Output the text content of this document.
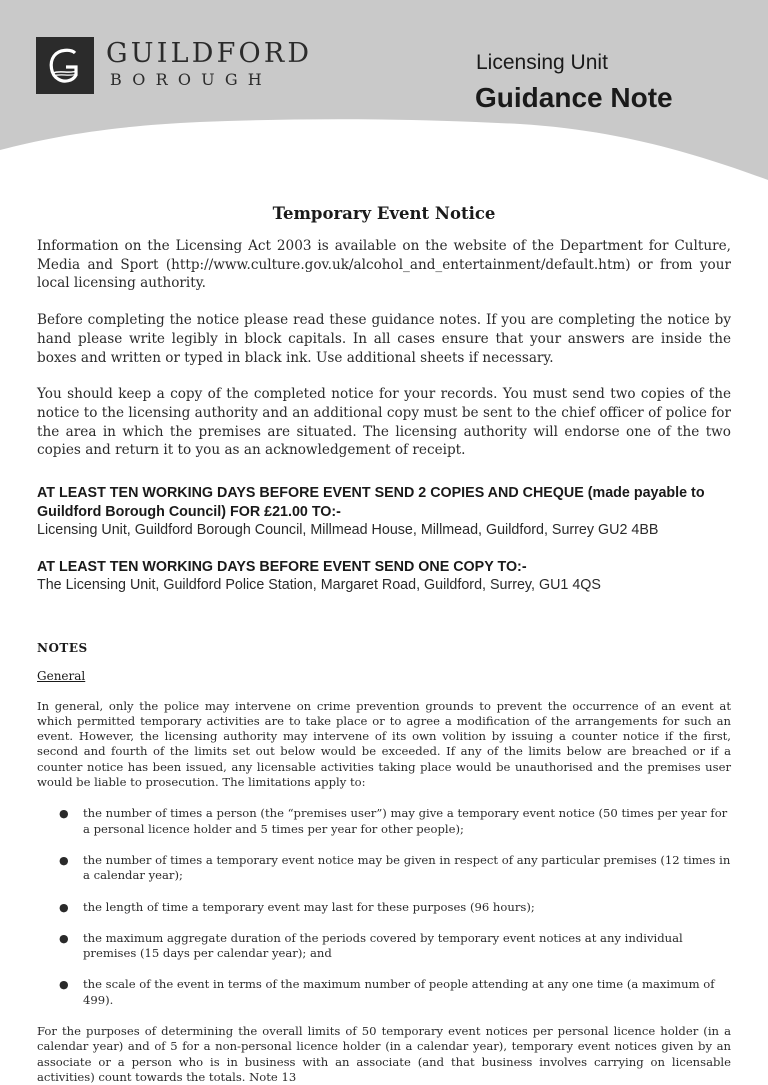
GUILDFORD
BOROUGH
Licensing Unit
Guidance Note
Temporary Event Notice

Information on the Licensing Act 2003 is available on the website of the Department for Culture, Media and Sport (http://www.culture.gov.uk/alcohol_and_entertainment/default.htm) or from your local licensing authority.

Before completing the notice please read these guidance notes. If you are completing the notice by hand please write legibly in block capitals. In all cases ensure that your answers are inside the boxes and written or typed in black ink. Use additional sheets if necessary.

You should keep a copy of the completed notice for your records. You must send two copies of the notice to the licensing authority and an additional copy must be sent to the chief officer of police for the area in which the premises are situated. The licensing authority will endorse one of the two copies and return it to you as an acknowledgement of receipt.

AT LEAST TEN WORKING DAYS BEFORE EVENT SEND 2 COPIES AND CHEQUE (made payable to Guildford Borough Council) FOR £21.00 TO:-

Licensing Unit, Guildford Borough Council, Millmead House, Millmead, Guildford, Surrey GU2 4BB

AT LEAST TEN WORKING DAYS BEFORE EVENT SEND ONE COPY TO:-

The Licensing Unit, Guildford Police Station, Margaret Road, Guildford, Surrey, GU1 4QS

NOTES

General

In general, only the police may intervene on crime prevention grounds to prevent the occurrence of an event at which permitted temporary activities are to take place or to agree a modification of the arrangements for such an event. However, the licensing authority may intervene of its own volition by issuing a counter notice if the first, second and fourth of the limits set out below would be exceeded. If any of the limits below are breached or if a counter notice has been issued, any licensable activities taking place would be unauthorised and the premises user would be liable to prosecution. The limitations apply to:

● the number of times a person (the “premises user”) may give a temporary event notice (50 times per year for a personal licence holder and 5 times per year for other people);
● the number of times a temporary event notice may be given in respect of any particular premises (12 times in a calendar year);
● the length of time a temporary event may last for these purposes (96 hours);
● the maximum aggregate duration of the periods covered by temporary event notices at any individual premises (15 days per calendar year); and
● the scale of the event in terms of the maximum number of people attending at any one time (a maximum of 499).

For the purposes of determining the overall limits of 50 temporary event notices per personal licence holder (in a calendar year) and of 5 for a non-personal licence holder (in a calendar year), temporary event notices given by an associate or a person who is in business with an associate (and that business involves carrying on licensable activities) count towards the totals. Note 13
